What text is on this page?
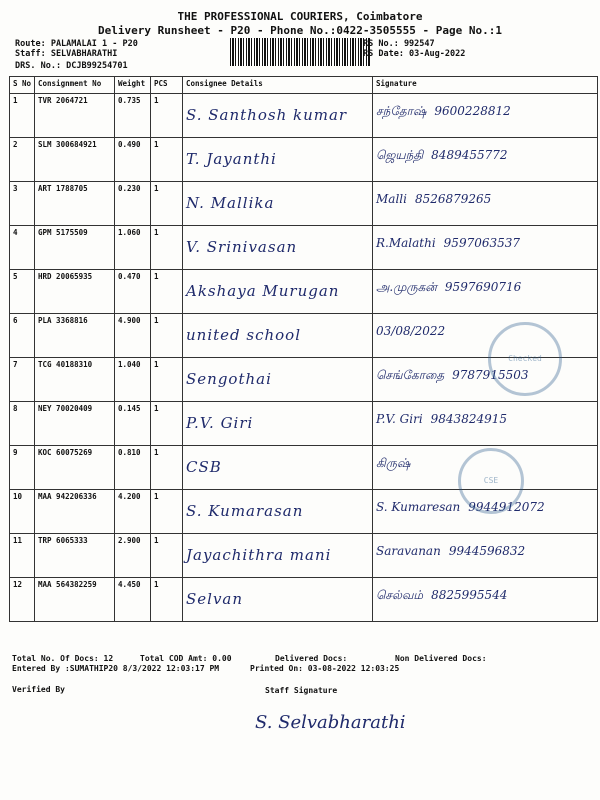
THE PROFESSIONAL COURIERS, Coimbatore
Delivery Runsheet - P20 - Phone No.:0422-3505555 - Page No.:1
Route: PALAMALAI 1 - P20
Staff: SELVABHARATHI
DRS. No.: DCJB99254701
RS No.: 992547
RS Date: 03-Aug-2022
S No	Consignment No	Weight	PCS	Consignee Details	Signature
1	TVR 2064721	0.735	1	S. Santhosh kumar	சந்தோஷ் 9600228812

2	SLM 300684921	0.490	1	T. Jayanthi	ஜெயந்தி 8489455772

3	ART 1788705	0.230	1	N. Mallika	Malli 8526879265

4	GPM 5175509	1.060	1	V. Srinivasan	R.Malathi 9597063537

5	HRD 20065935	0.470	1	Akshaya Murugan	அ.முருகன் 9597690716

6	PLA 3368816	4.900	1	united school	03/08/2022

7	TCG 40188310	1.040	1	Sengothai	செங்கோதை 9787915503

8	NEY 70020409	0.145	1	P.V. Giri	P.V. Giri 9843824915

9	KOC 60075269	0.810	1	CSB	கிருஷ்

10	MAA 942206336	4.200	1	S. Kumarasan	S. Kumaresan 9944912072

11	TRP 6065333	2.900	1	Jayachithra mani	Saravanan 9944596832

12	MAA 564382259	4.450	1	Selvan	செல்வம் 8825995544
Checked
CSE
Total No. Of Docs: 12	Total COD Amt: 0.00	Delivered Docs:	Non Delivered Docs:
Entered By :SUMATHIP20 8/3/2022 12:03:17 PM	Printed On: 03-08-2022 12:03:25
Verified By	Staff Signature
S. Selvabharathi
